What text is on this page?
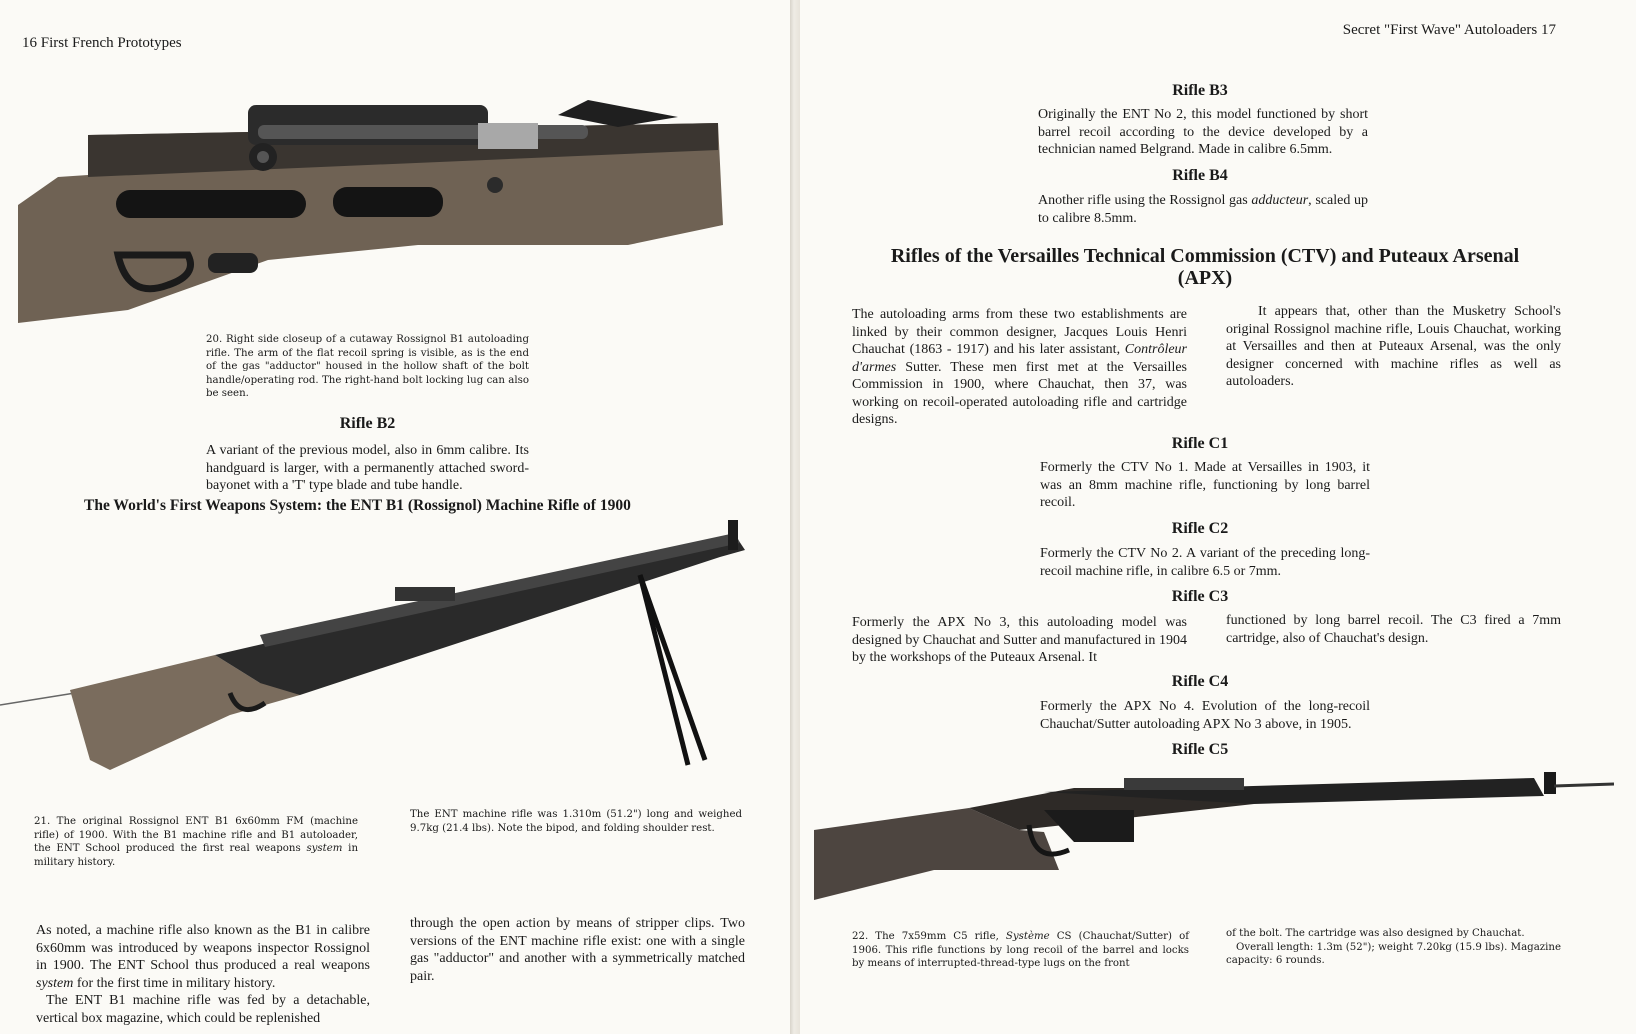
16 First French Prototypes

20. Right side closeup of a cutaway Rossignol B1 autoloading rifle. The arm of the flat recoil spring is visible, as is the end of the gas "adductor" housed in the hollow shaft of the bolt handle/operating rod. The right-hand bolt locking lug can also be seen.

Rifle B2

A variant of the previous model, also in 6mm calibre. Its handguard is larger, with a permanently attached sword-bayonet with a 'T' type blade and tube handle.

The World's First Weapons System: the ENT B1 (Rossignol) Machine Rifle of 1900

21. The original Rossignol ENT B1 6x60mm FM (machine rifle) of 1900. With the B1 machine rifle and B1 autoloader, the ENT School produced the first real weapons system in military history.

The ENT machine rifle was 1.310m (51.2") long and weighed 9.7kg (21.4 lbs). Note the bipod, and folding shoulder rest.

As noted, a machine rifle also known as the B1 in calibre 6x60mm was introduced by weapons inspector Rossignol in 1900. The ENT School thus produced a real weapons system for the first time in military history.
The ENT B1 machine rifle was fed by a detachable, vertical box magazine, which could be replenished

through the open action by means of stripper clips. Two versions of the ENT machine rifle exist: one with a single gas "adductor" and another with a symmetrically matched pair.

Secret "First Wave" Autoloaders 17
Rifle B3

Originally the ENT No 2, this model functioned by short barrel recoil according to the device developed by a technician named Belgrand. Made in calibre 6.5mm.

Rifle B4

Another rifle using the Rossignol gas adducteur, scaled up to calibre 8.5mm.

Rifles of the Versailles Technical Commission (CTV) and Puteaux Arsenal (APX)

The autoloading arms from these two establishments are linked by their common designer, Jacques Louis Henri Chauchat (1863 - 1917) and his later assistant, Contrôleur d'armes Sutter. These men first met at the Versailles Commission in 1900, where Chauchat, then 37, was working on recoil-operated autoloading rifle and cartridge designs.

It appears that, other than the Musketry School's original Rossignol machine rifle, Louis Chauchat, working at Versailles and then at Puteaux Arsenal, was the only designer concerned with machine rifles as well as autoloaders.

Rifle C1

Formerly the CTV No 1. Made at Versailles in 1903, it was an 8mm machine rifle, functioning by long barrel recoil.

Rifle C2

Formerly the CTV No 2. A variant of the preceding long-recoil machine rifle, in calibre 6.5 or 7mm.

Rifle C3

Formerly the APX No 3, this autoloading model was designed by Chauchat and Sutter and manufactured in 1904 by the workshops of the Puteaux Arsenal. It

functioned by long barrel recoil. The C3 fired a 7mm cartridge, also of Chauchat's design.

Rifle C4

Formerly the APX No 4. Evolution of the long-recoil Chauchat/Sutter autoloading APX No 3 above, in 1905.

Rifle C5

22. The 7x59mm C5 rifle, Système CS (Chauchat/Sutter) of 1906. This rifle functions by long recoil of the barrel and locks by means of interrupted-thread-type lugs on the front

of the bolt. The cartridge was also designed by Chauchat.
Overall length: 1.3m (52"); weight 7.20kg (15.9 lbs). Magazine capacity: 6 rounds.
